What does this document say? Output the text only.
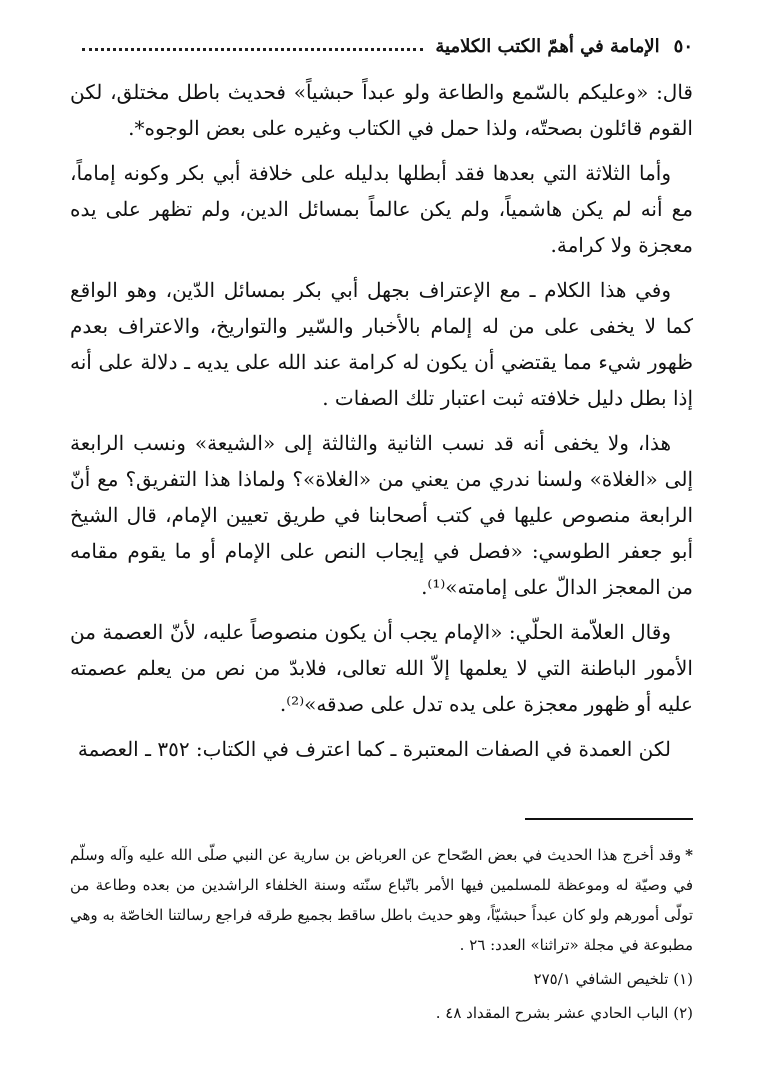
٥٠
الإمامة في أهمّ الكتب الكلامية

قال: «وعليكم بالسّمع والطاعة ولو عبداً حبشياً» فحديث باطل مختلق، لكن القوم قائلون بصحتّه، ولذا حمل في الكتاب وغيره على بعض الوجوه*.

وأما الثلاثة التي بعدها فقد أبطلها بدليله على خلافة أبي بكر وكونه إماماً، مع أنه لم يكن هاشمياً، ولم يكن عالماً بمسائل الدين، ولم تظهر على يده معجزة ولا كرامة.

وفي هذا الكلام ـ مع الإعتراف بجهل أبي بكر بمسائل الدّين، وهو الواقع كما لا يخفى على من له إلمام بالأخبار والسّير والتواريخ، والاعتراف بعدم ظهور شيء مما يقتضي أن يكون له كرامة عند الله على يديه ـ دلالة على أنه إذا بطل دليل خلافته ثبت اعتبار تلك الصفات .

هذا، ولا يخفى أنه قد نسب الثانية والثالثة إلى «الشيعة» ونسب الرابعة إلى «الغلاة» ولسنا ندري من يعني من «الغلاة»؟ ولماذا هذا التفريق؟ مع أنّ الرابعة منصوص عليها في كتب أصحابنا في طريق تعيين الإمام، قال الشيخ أبو جعفر الطوسي: «فصل في إيجاب النص على الإمام أو ما يقوم مقامه من المعجز الدالّ على إمامته»⁽¹⁾.

وقال العلاّمة الحلّي: «الإمام يجب أن يكون منصوصاً عليه، لأنّ العصمة من الأمور الباطنة التي لا يعلمها إلاّ الله تعالى، فلابدّ من نص من يعلم عصمته عليه أو ظهور معجزة على يده تدل على صدقه»⁽²⁾.

لكن العمدة في الصفات المعتبرة ـ كما اعترف في الكتاب: ٣٥٢ ـ العصمة

*وقد أخرج هذا الحديث في بعض الصّحاح عن العرباض بن سارية عن النبي صلّى الله عليه وآله وسلّم في وصيّة له وموعظة للمسلمين فيها الأمر باتّباع سنّته وسنة الخلفاء الراشدين من بعده وطاعة من تولّى أمورهم ولو كان عبداً حبشيّاً، وهو حديث باطل ساقط بجميع طرقه فراجع رسالتنا الخاصّة به وهي مطبوعة في مجلة «تراثنا» العدد: ٢٦ .

(١) تلخيص الشافي ٢٧٥/١

(٢) الباب الحادي عشر بشرح المقداد ٤٨ .
